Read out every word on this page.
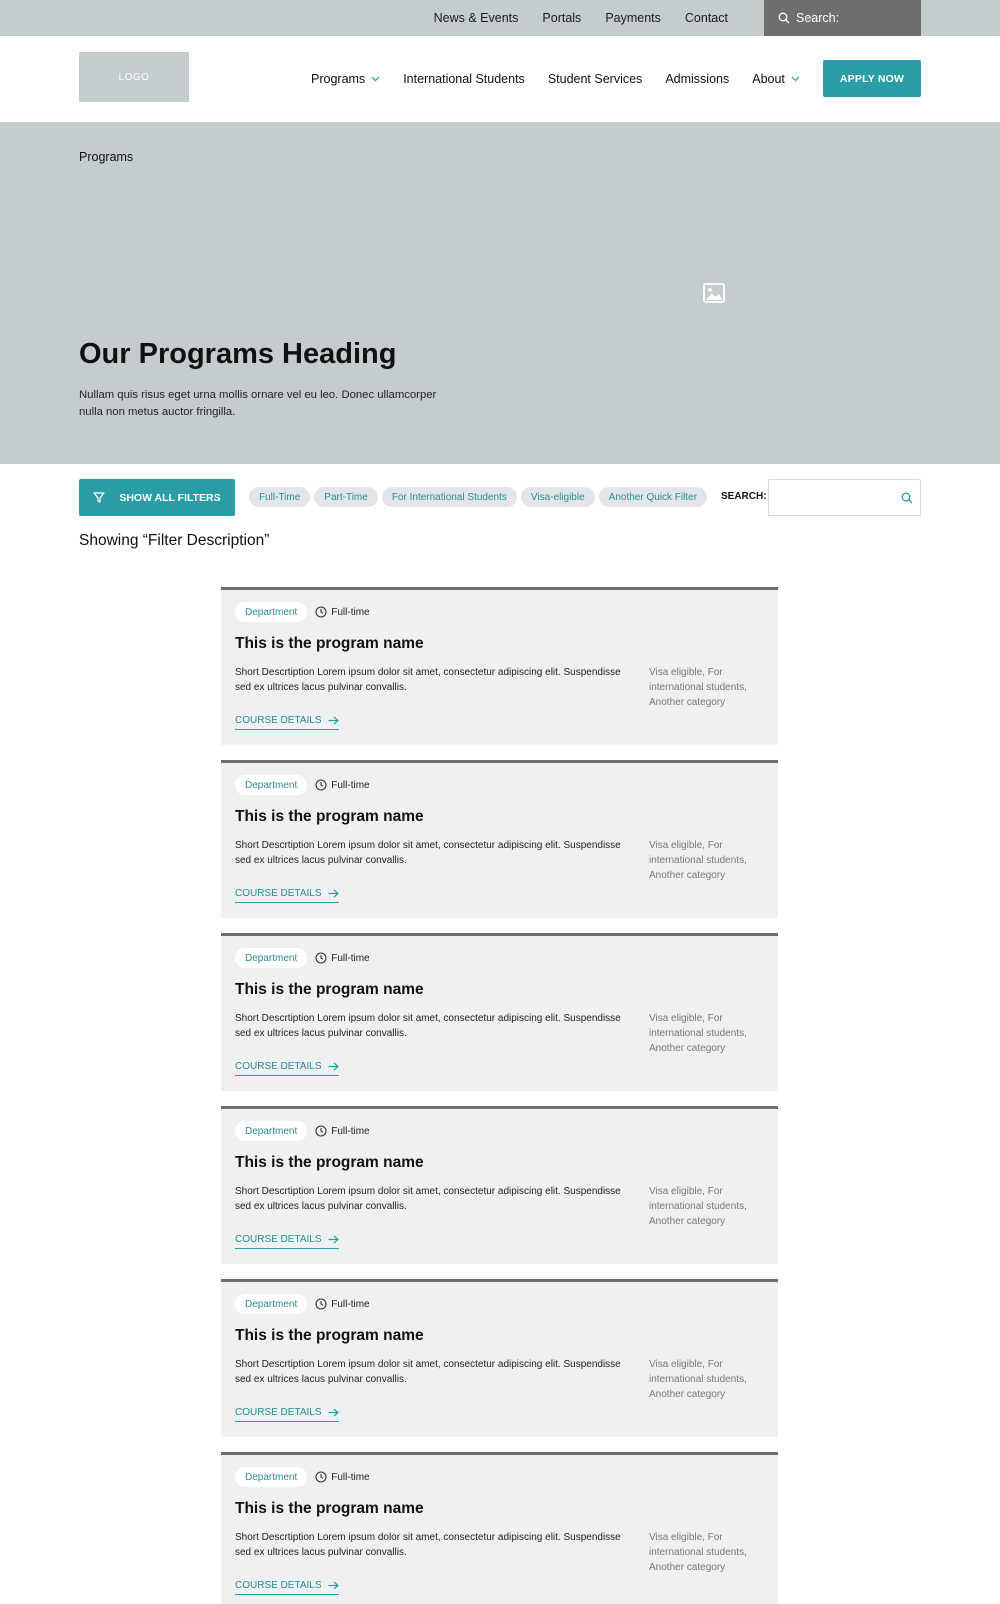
News & Events Portals Payments Contact	Search:
LOGO	Programs	International Students Student Services Admissions About	APPLY NOW
Programs
Our Programs Heading

Nullam quis risus eget urna mollis ornare vel eu leo. Donec ullamcorper nulla non metus auctor fringilla.

SHOW ALL FILTERS	Full-Time	Part-Time	For International Students	Visa-eligible	Another Quick Filter	SEARCH:
Showing “Filter Description”
Department	Full-time
This is the program name

Short Descrtiption Lorem ipsum dolor sit amet, consectetur adipiscing elit. Suspendisse sed ex ultrices lacus pulvinar convallis.

Visa eligible, For international students, Another category

COURSE DETAILS
Department	Full-time
This is the program name

Short Descrtiption Lorem ipsum dolor sit amet, consectetur adipiscing elit. Suspendisse sed ex ultrices lacus pulvinar convallis.

Visa eligible, For international students, Another category

COURSE DETAILS
Department	Full-time
This is the program name

Short Descrtiption Lorem ipsum dolor sit amet, consectetur adipiscing elit. Suspendisse sed ex ultrices lacus pulvinar convallis.

Visa eligible, For international students, Another category

COURSE DETAILS
Department	Full-time
This is the program name

Short Descrtiption Lorem ipsum dolor sit amet, consectetur adipiscing elit. Suspendisse sed ex ultrices lacus pulvinar convallis.

Visa eligible, For international students, Another category

COURSE DETAILS
Department	Full-time
This is the program name

Short Descrtiption Lorem ipsum dolor sit amet, consectetur adipiscing elit. Suspendisse sed ex ultrices lacus pulvinar convallis.

Visa eligible, For international students, Another category

COURSE DETAILS
Department	Full-time
This is the program name

Short Descrtiption Lorem ipsum dolor sit amet, consectetur adipiscing elit. Suspendisse sed ex ultrices lacus pulvinar convallis.

Visa eligible, For international students, Another category

COURSE DETAILS
